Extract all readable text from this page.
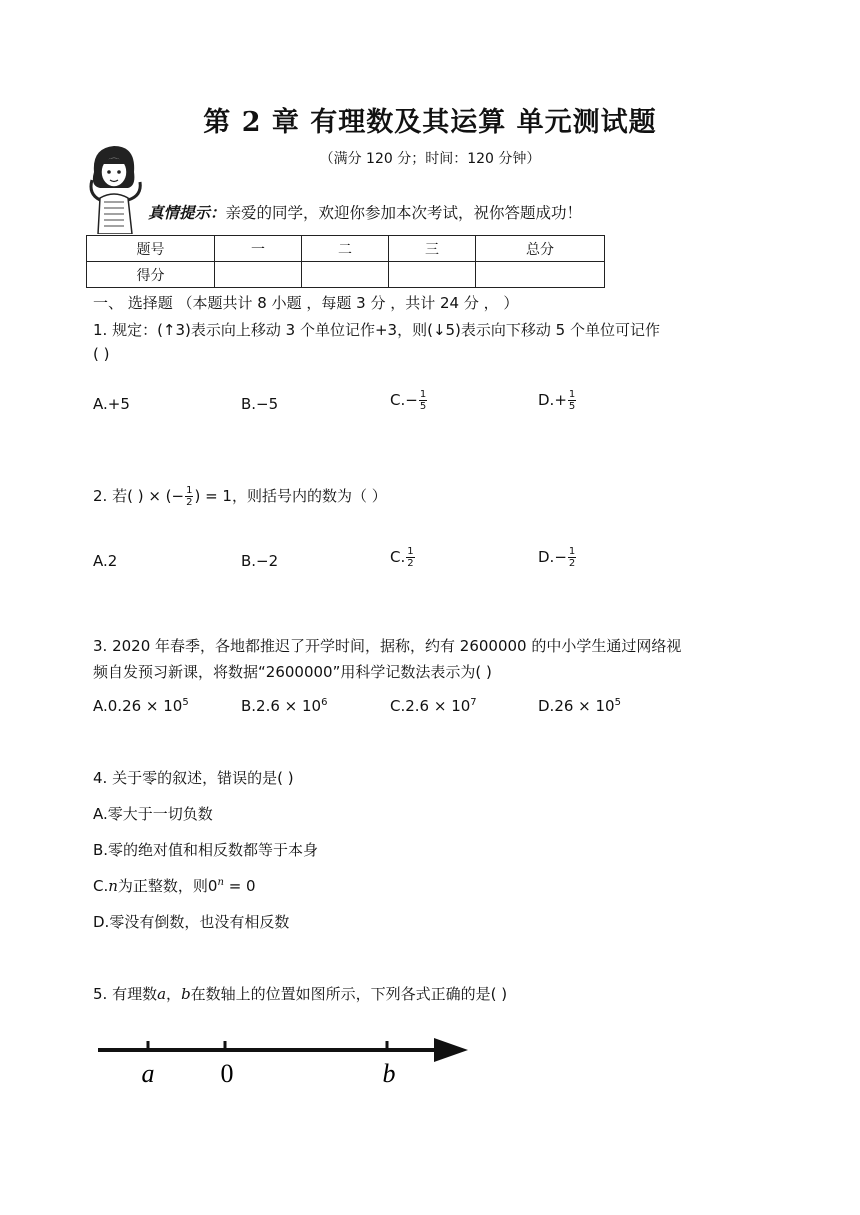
第 2 章 有理数及其运算 单元测试题
（满分 120 分；时间：120 分钟）
真情提示：亲爱的同学，欢迎你参加本次考试，祝你答题成功！
题号	一	二	三	总分
得分				
一、 选择题 （本题共计 8 小题 ，每题 3 分 ，共计 24 分 ， ）
1. 规定：(↑3)表示向上移动 3 个单位记作+3，则(↓5)表示向下移动 5 个单位可记作
( )
A.+5	B.−5	$C.- \frac{1}{5}$	$D.+ \frac{1}{5}$
2. 若( ) × (− $\frac{1}{2}$ ) = 1，则括号内的数为（ ）
A.2	B.−2	C. $\frac{1}{2}$	$D.- \frac{1}{2}$
3. 2020 年春季，各地都推迟了开学时间，据称，约有 2600000 的中小学生通过网络视
频自发预习新课，将数据“2600000”用科学记数法表示为( )
$A.0.26 \times 10^5$	$B.2.6 \times 10^6$	$C.2.6 \times 10^7$	$D.26 \times 10^5$
4. 关于零的叙述，错误的是( )
A.零大于一切负数
B.零的绝对值和相反数都等于本身
C.n为正整数，则$0^n = 0$
D.零没有倒数，也没有相反数
5. 有理数a，b在数轴上的位置如图所示，下列各式正确的是( )
a	0	b
